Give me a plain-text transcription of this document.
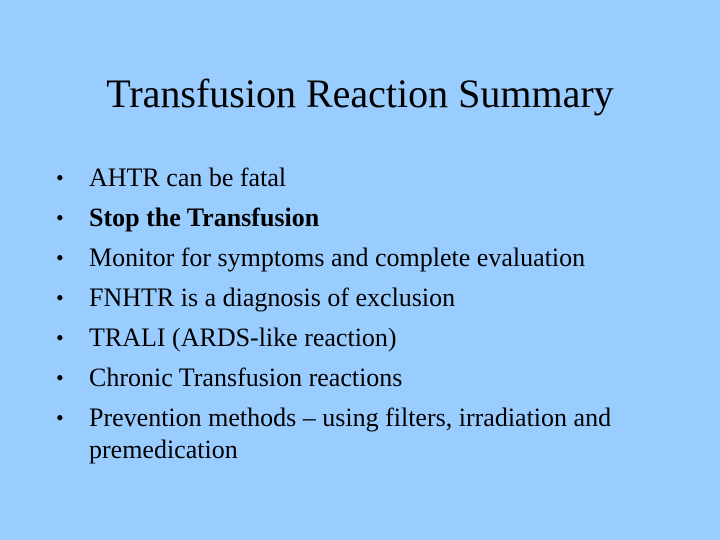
Transfusion Reaction Summary
• AHTR can be fatal
• Stop the Transfusion
• Monitor for symptoms and complete evaluation
• FNHTR is a diagnosis of exclusion
• TRALI (ARDS-like reaction)
• Chronic Transfusion reactions
• Prevention methods – using filters, irradiation and premedication
